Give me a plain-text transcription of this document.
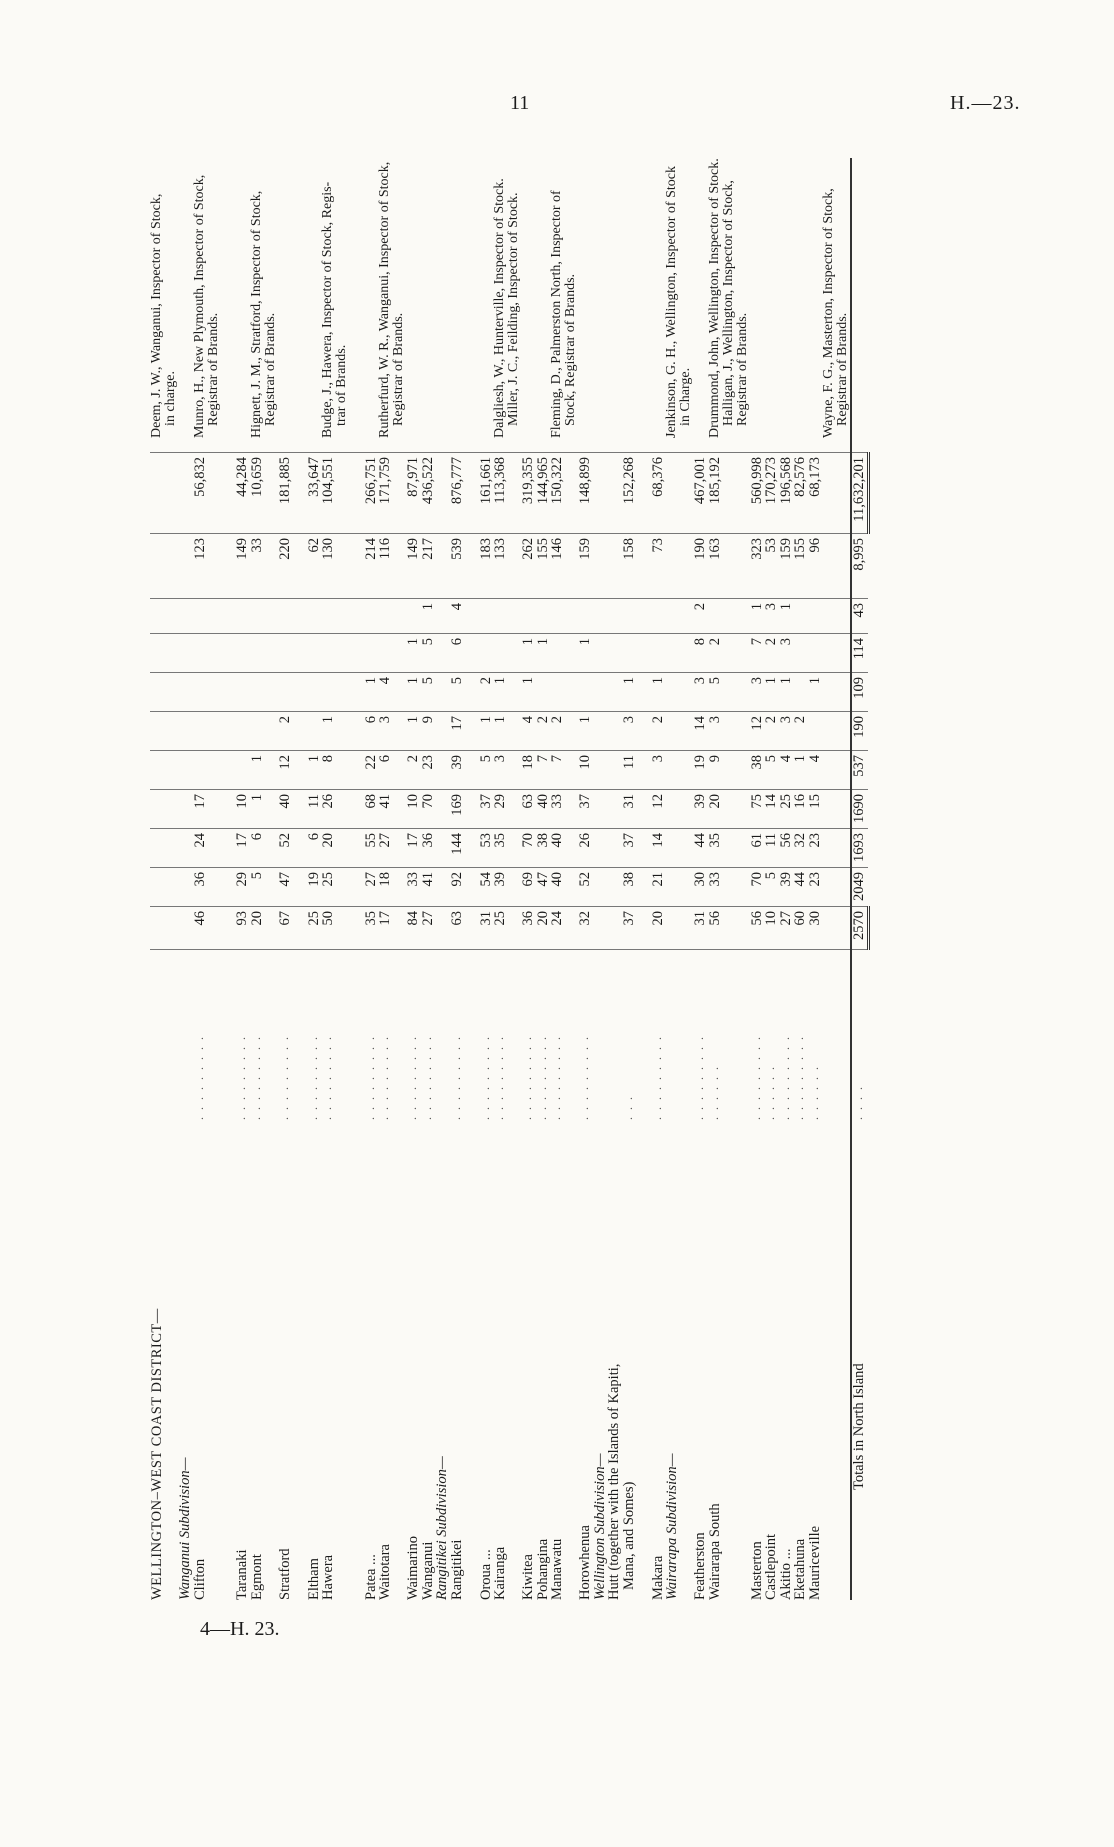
11	H.—23.
WELLINGTON–WEST COAST DISTRICT—													Deem, J. W., Wanganui, Inspector of Stock, in charge.

Wanganui Subdivision—													
Clifton	. . . . . . . . .	46	36	24	17						123	56,832	Munro, H., New Plymouth, Inspector of Stock, Registrar of Brands.

Taranaki	. . . . . . . . .	93	29	17	10						149	44,284	
Egmont	. . . . . . . . .	20	5	6	1	1					33	10,659	Hignett, J. M., Stratford, Inspector of Stock, Registrar of Brands.

Stratford	. . . . . . . . .	67	47	52	40	12	2				220	181,885	

Eltham	. . . . . . . . .	25	19	6	11	1					62	33,647	
Hawera	. . . . . . . . .	50	25	20	26	8	1				130	104,551	Budge, J., Hawera, Inspector of Stock, Regis- trar of Brands.

Patea ...	. . . . . . . . .	35	27	55	68	22	6	1			214	266,751	
Waitotara	. . . . . . . . .	17	18	27	41	6	3	4			116	171,759	Rutherfurd, W. R., Wanganui, Inspector of Stock, Registrar of Brands.

Waimarino	. . . . . . . . .	84	33	17	10	2	1	1	1		149	87,971	
Wanganui	. . . . . . . . .	27	41	36	70	23	9	5	5	1	217	436,522	
Rangitikei Subdivision—													
Rangitikei	. . . . . . . . .	63	92	144	169	39	17	5	6	4	539	876,777	

Oroua ...	. . . . . . . . .	31	54	53	37	5	1	2			183	161,661	
Kairanga	. . . . . . . . .	25	39	35	29	3	1	1			133	113,368	Dalgliesh, W., Hunterville, Inspector of Stock. Miller, J. C., Feilding, Inspector of Stock.

Kiwitea	. . . . . . . . .	36	69	70	63	18	4	1	1		262	319,355	
Pohangina	. . . . . . . . .	20	47	38	40	7	2		1		155	144,965	
Manawatu	. . . . . . . . .	24	40	40	33	7	2				146	150,322	Fleming, D., Palmerston North, Inspector of Stock, Registrar of Brands.

Horowhenua	. . . . . . . . .	32	52	26	37	10	1		1		159	148,899	
Wellington Subdivision—													
Hutt (together with the Islands of Kapiti,													
Mana, and Somes)	. . .	37	38	37	31	11	3	1			158	152,268	

Makara	. . . . . . . . .	20	21	14	12	3	2	1			73	68,376	
Wairarapa Subdivision—													Jenkinson, G. H., Wellington, Inspector of Stock in Charge.

Featherston	. . . . . . . . .	31	30	44	39	19	14	3	8	2	190	467,001	
Wairarapa South	. . . . . .	56	33	35	20	9	3	5	2		163	185,192	Drummond, John, Wellington, Inspector of Stock. Halligan, J., Wellington, Inspector of Stock, Registrar of Brands.

Masterton	. . . . . . . . .	56	70	61	75	38	12	3	7	1	323	560,998	
Castlepoint	. . . . . .	10	5	11	14	5	2	1	2	3	53	170,273	
Akitio ...	. . . . . . . . .	27	39	56	25	4	3	1	3	1	159	196,568	
Eketahuna	. . . . . . . . .	60	44	32	16	1	2				155	82,576	
Mauriceville	. . . . . .	30	23	23	15	4		1			96	68,173	

													Wayne, F. G., Masterton, Inspector of Stock, Registrar of Brands.

Totals in North Island	. . . .	2570	2049	1693	1690	537	190	109	114	43	8,995	11,632,201	
4—H. 23.
